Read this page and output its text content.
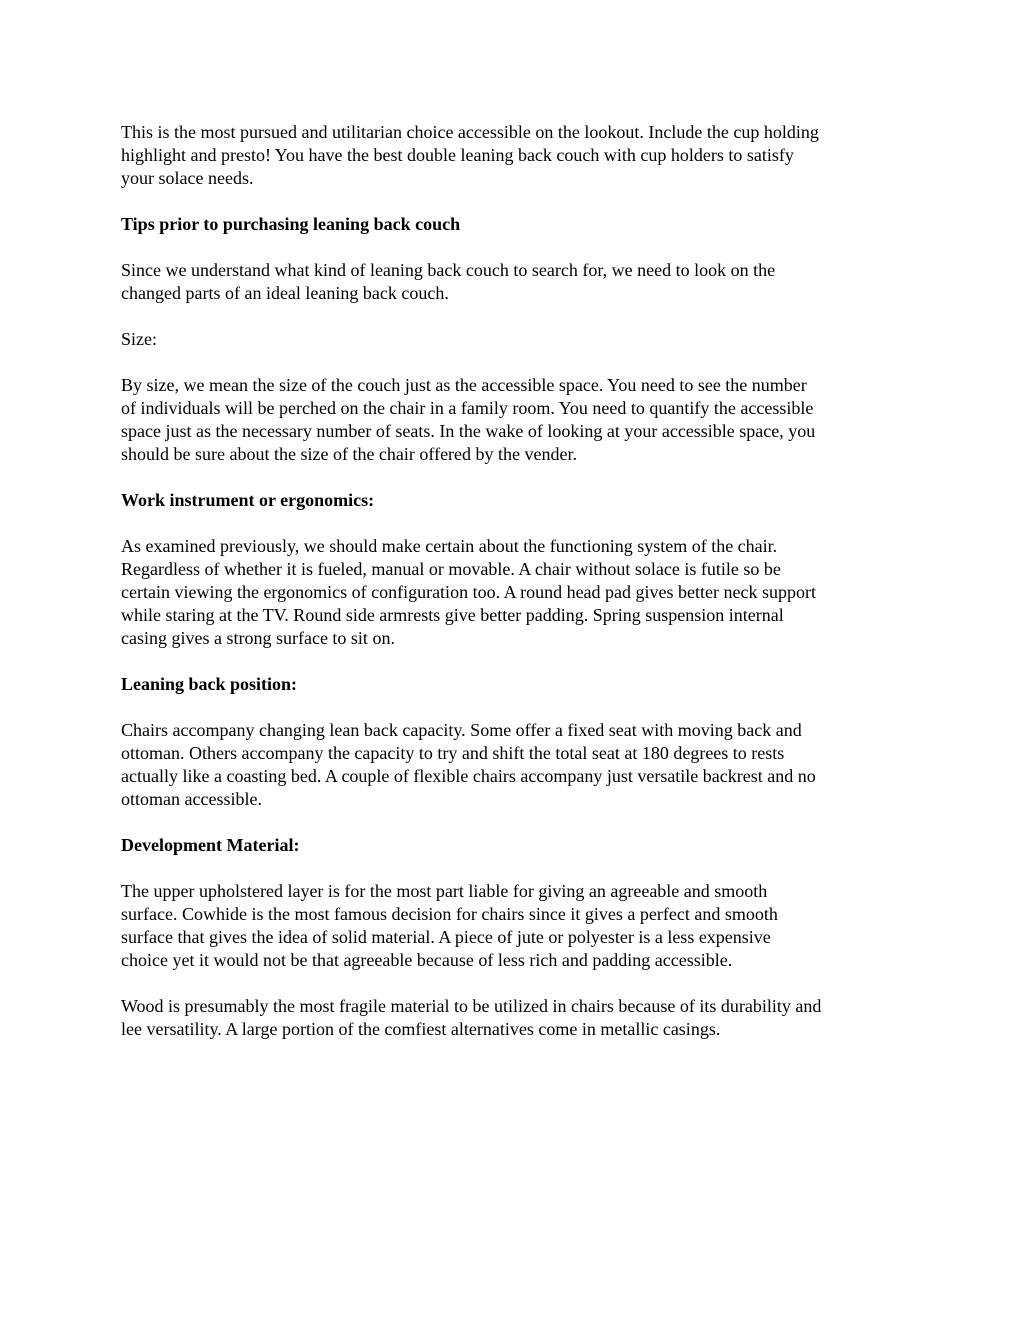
This is the most pursued and utilitarian choice accessible on the lookout. Include the cup holding
highlight and presto! You have the best double leaning back couch with cup holders to satisfy
your solace needs.
Tips prior to purchasing leaning back couch
Since we understand what kind of leaning back couch to search for, we need to look on the
changed parts of an ideal leaning back couch.
Size:
By size, we mean the size of the couch just as the accessible space. You need to see the number
of individuals will be perched on the chair in a family room. You need to quantify the accessible
space just as the necessary number of seats. In the wake of looking at your accessible space, you
should be sure about the size of the chair offered by the vender.
Work instrument or ergonomics:
As examined previously, we should make certain about the functioning system of the chair.
Regardless of whether it is fueled, manual or movable. A chair without solace is futile so be
certain viewing the ergonomics of configuration too. A round head pad gives better neck support
while staring at the TV. Round side armrests give better padding. Spring suspension internal
casing gives a strong surface to sit on.
Leaning back position:
Chairs accompany changing lean back capacity. Some offer a fixed seat with moving back and
ottoman. Others accompany the capacity to try and shift the total seat at 180 degrees to rests
actually like a coasting bed. A couple of flexible chairs accompany just versatile backrest and no
ottoman accessible.
Development Material:
The upper upholstered layer is for the most part liable for giving an agreeable and smooth
surface. Cowhide is the most famous decision for chairs since it gives a perfect and smooth
surface that gives the idea of solid material. A piece of jute or polyester is a less expensive
choice yet it would not be that agreeable because of less rich and padding accessible.
Wood is presumably the most fragile material to be utilized in chairs because of its durability and
lee versatility. A large portion of the comfiest alternatives come in metallic casings.
